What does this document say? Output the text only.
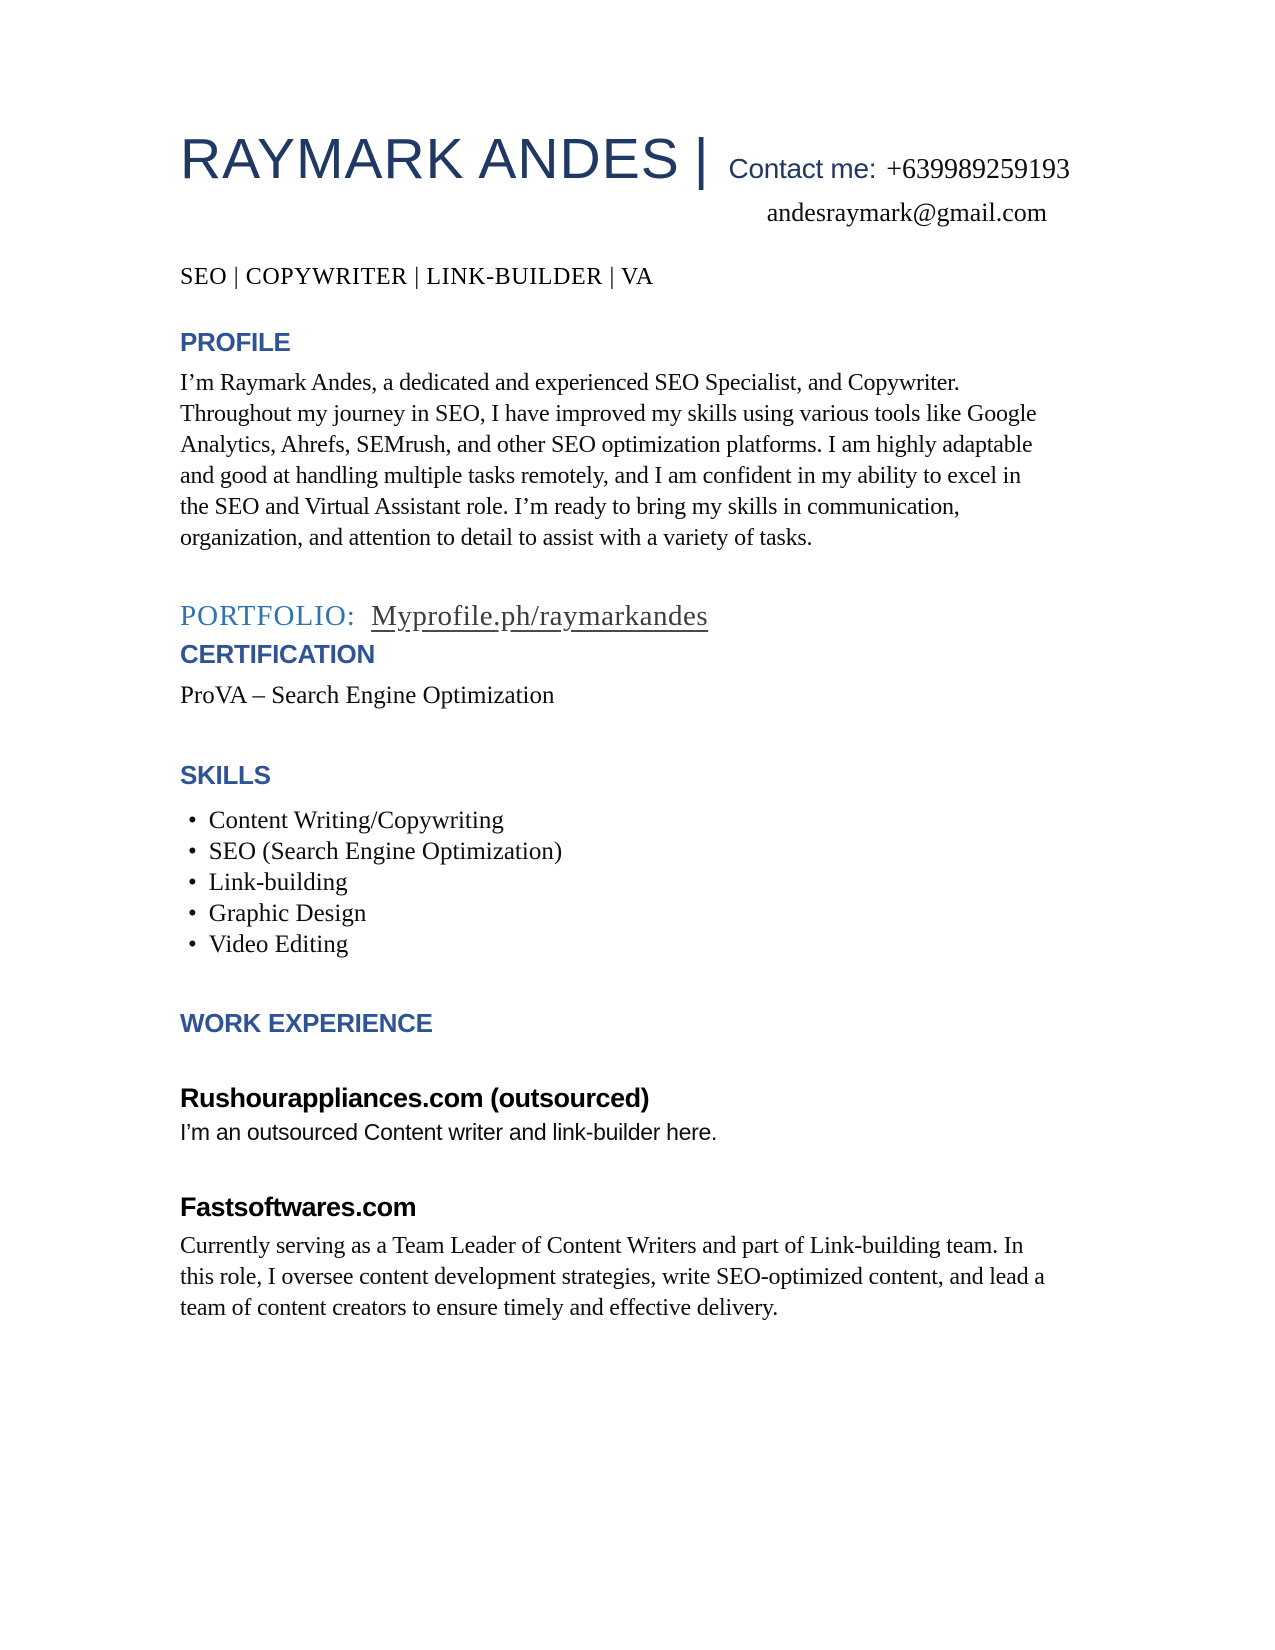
RAYMARK ANDES | Contact me: +639989259193
andesraymark@gmail.com
SEO | COPYWRITER | LINK-BUILDER | VA
PROFILE
I’m Raymark Andes, a dedicated and experienced SEO Specialist, and Copywriter. Throughout my journey in SEO, I have improved my skills using various tools like Google Analytics, Ahrefs, SEMrush, and other SEO optimization platforms. I am highly adaptable and good at handling multiple tasks remotely, and I am confident in my ability to excel in the SEO and Virtual Assistant role. I’m ready to bring my skills in communication, organization, and attention to detail to assist with a variety of tasks.
PORTFOLIO: Myprofile.ph/raymarkandes
CERTIFICATION
ProVA – Search Engine Optimization
SKILLS
• Content Writing/Copywriting
• SEO (Search Engine Optimization)
• Link-building
• Graphic Design
• Video Editing
WORK EXPERIENCE
Rushourappliances.com (outsourced)
I’m an outsourced Content writer and link-builder here.
Fastsoftwares.com
Currently serving as a Team Leader of Content Writers and part of Link-building team. In this role, I oversee content development strategies, write SEO-optimized content, and lead a team of content creators to ensure timely and effective delivery.
